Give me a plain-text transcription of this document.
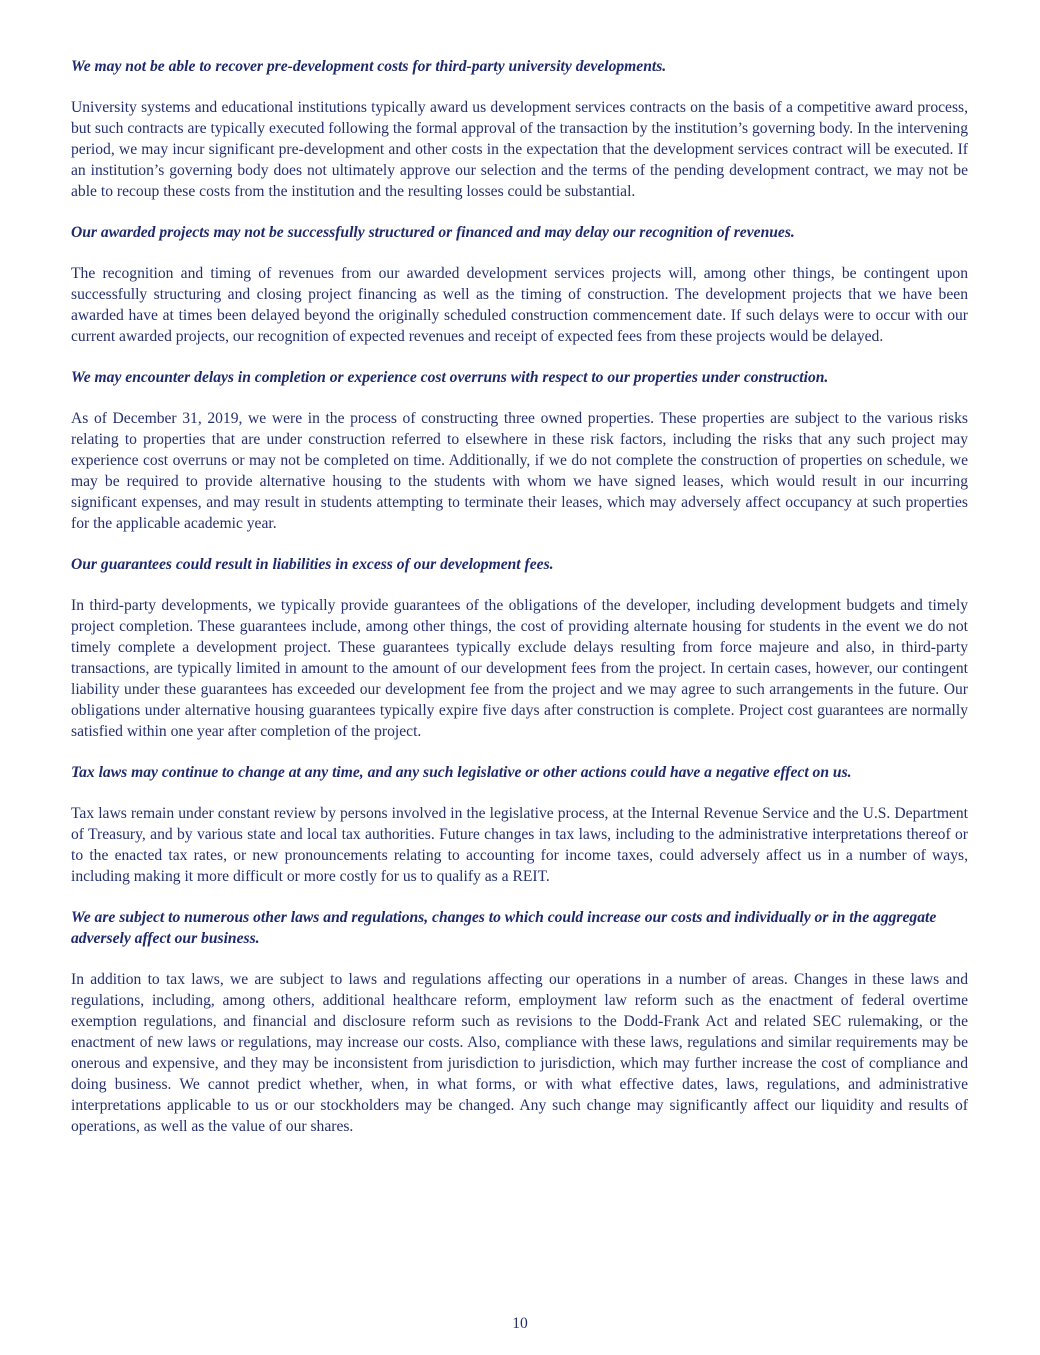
We may not be able to recover pre-development costs for third-party university developments.

University systems and educational institutions typically award us development services contracts on the basis of a competitive award process, but such contracts are typically executed following the formal approval of the transaction by the institution’s governing body. In the intervening period, we may incur significant pre-development and other costs in the expectation that the development services contract will be executed. If an institution’s governing body does not ultimately approve our selection and the terms of the pending development contract, we may not be able to recoup these costs from the institution and the resulting losses could be substantial.

Our awarded projects may not be successfully structured or financed and may delay our recognition of revenues.

The recognition and timing of revenues from our awarded development services projects will, among other things, be contingent upon successfully structuring and closing project financing as well as the timing of construction. The development projects that we have been awarded have at times been delayed beyond the originally scheduled construction commencement date. If such delays were to occur with our current awarded projects, our recognition of expected revenues and receipt of expected fees from these projects would be delayed.

We may encounter delays in completion or experience cost overruns with respect to our properties under construction.

As of December 31, 2019, we were in the process of constructing three owned properties. These properties are subject to the various risks relating to properties that are under construction referred to elsewhere in these risk factors, including the risks that any such project may experience cost overruns or may not be completed on time. Additionally, if we do not complete the construction of properties on schedule, we may be required to provide alternative housing to the students with whom we have signed leases, which would result in our incurring significant expenses, and may result in students attempting to terminate their leases, which may adversely affect occupancy at such properties for the applicable academic year.

Our guarantees could result in liabilities in excess of our development fees.

In third-party developments, we typically provide guarantees of the obligations of the developer, including development budgets and timely project completion. These guarantees include, among other things, the cost of providing alternate housing for students in the event we do not timely complete a development project. These guarantees typically exclude delays resulting from force majeure and also, in third-party transactions, are typically limited in amount to the amount of our development fees from the project. In certain cases, however, our contingent liability under these guarantees has exceeded our development fee from the project and we may agree to such arrangements in the future. Our obligations under alternative housing guarantees typically expire five days after construction is complete. Project cost guarantees are normally satisfied within one year after completion of the project.

Tax laws may continue to change at any time, and any such legislative or other actions could have a negative effect on us.

Tax laws remain under constant review by persons involved in the legislative process, at the Internal Revenue Service and the U.S. Department of Treasury, and by various state and local tax authorities. Future changes in tax laws, including to the administrative interpretations thereof or to the enacted tax rates, or new pronouncements relating to accounting for income taxes, could adversely affect us in a number of ways, including making it more difficult or more costly for us to qualify as a REIT.

We are subject to numerous other laws and regulations, changes to which could increase our costs and individually or in the aggregate adversely affect our business.

In addition to tax laws, we are subject to laws and regulations affecting our operations in a number of areas. Changes in these laws and regulations, including, among others, additional healthcare reform, employment law reform such as the enactment of federal overtime exemption regulations, and financial and disclosure reform such as revisions to the Dodd-Frank Act and related SEC rulemaking, or the enactment of new laws or regulations, may increase our costs. Also, compliance with these laws, regulations and similar requirements may be onerous and expensive, and they may be inconsistent from jurisdiction to jurisdiction, which may further increase the cost of compliance and doing business. We cannot predict whether, when, in what forms, or with what effective dates, laws, regulations, and administrative interpretations applicable to us or our stockholders may be changed. Any such change may significantly affect our liquidity and results of operations, as well as the value of our shares.

10
